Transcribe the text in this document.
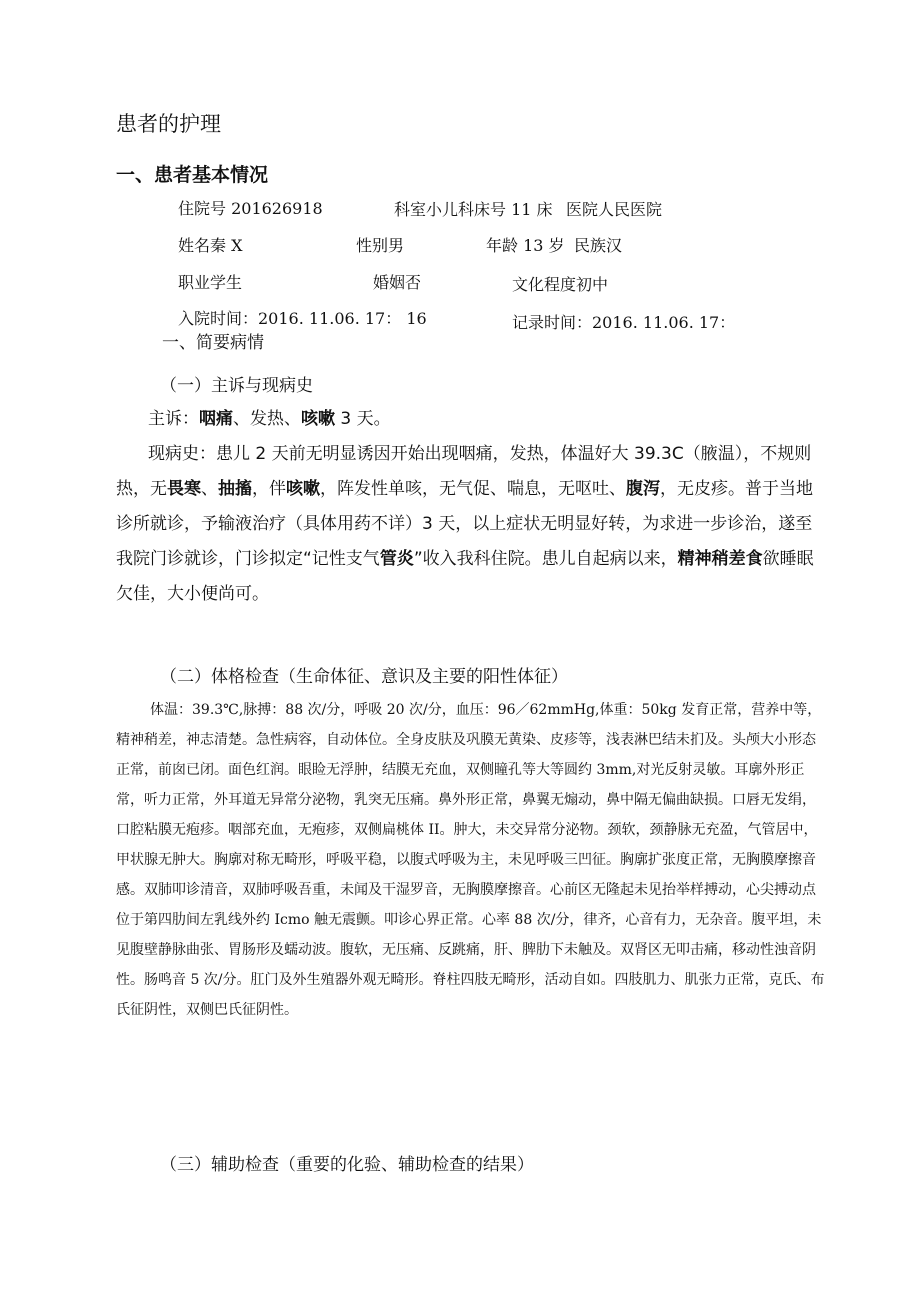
患者的护理
一、患者基本情况
住院号 201626918	科室小儿科床号 11 床 医院人民医院
姓名秦 X	性别男	年龄 13 岁 民族汉
职业学生	婚姻否	文化程度初中
入院时间：2016. 11.06. 17： 16	记录时间：2016. 11.06. 17：
一、简要病情
（一）主诉与现病史
主诉：咽痛、发热、咳嗽 3 天。
现病史：患儿 2 天前无明显诱因开始出现咽痛，发热，体温好大 39.3C（腋温），不规则热，无畏寒、抽搐，伴咳嗽，阵发性单咳，无气促、喘息，无呕吐、腹泻，无皮疹。普于当地诊所就诊，予输液治疗（具体用药不详）3 天，以上症状无明显好转，为求进一步诊治，遂至我院门诊就诊，门诊拟定“记性支气管炎”收入我科住院。患儿自起病以来，精神稍差食欲睡眠欠佳，大小便尚可。
（二）体格检查（生命体征、意识及主要的阳性体征）
体温：39.3℃,脉搏：88 次/分，呼吸 20 次/分，血压：96／62mmHg,体重：50kg 发育正常，营养中等，精神稍差，神志清楚。急性病容，自动体位。全身皮肤及巩膜无黄染、皮疹等，浅表淋巴结未扪及。头颅大小形态正常，前囱已闭。面色红润。眼睑无浮肿，结膜无充血，双侧瞳孔等大等圆约 3mm,对光反射灵敏。耳廓外形正常，听力正常，外耳道无异常分泌物，乳突无压痛。鼻外形正常，鼻翼无煽动，鼻中隔无偏曲缺损。口唇无发绢，口腔粘膜无疱疹。咽部充血，无疱疹，双侧扁桃体 II。肿大，未交异常分泌物。颈软，颈静脉无充盈，气管居中，甲状腺无肿大。胸廓对称无畸形，呼吸平稳，以腹式呼吸为主，未见呼吸三凹征。胸廓扩张度正常，无胸膜摩擦音感。双肺叩诊清音，双肺呼吸吾重，未闻及干湿罗音，无胸膜摩擦音。心前区无隆起未见抬举样搏动，心尖搏动点位于第四肋间左乳线外约 Icmo 触无震颤。叩诊心界正常。心率 88 次/分，律齐，心音有力，无杂音。腹平坦，未见腹壁静脉曲张、胃肠形及蠕动波。腹软，无压痛、反跳痛，肝、脾肋下未触及。双肾区无叩击痛，移动性浊音阴性。肠鸣音 5 次/分。肛门及外生殖器外观无畸形。脊柱四肢无畸形，活动自如。四肢肌力、肌张力正常，克氏、布氏征阴性，双侧巴氏征阴性。
（三）辅助检查（重要的化验、辅助检查的结果）
